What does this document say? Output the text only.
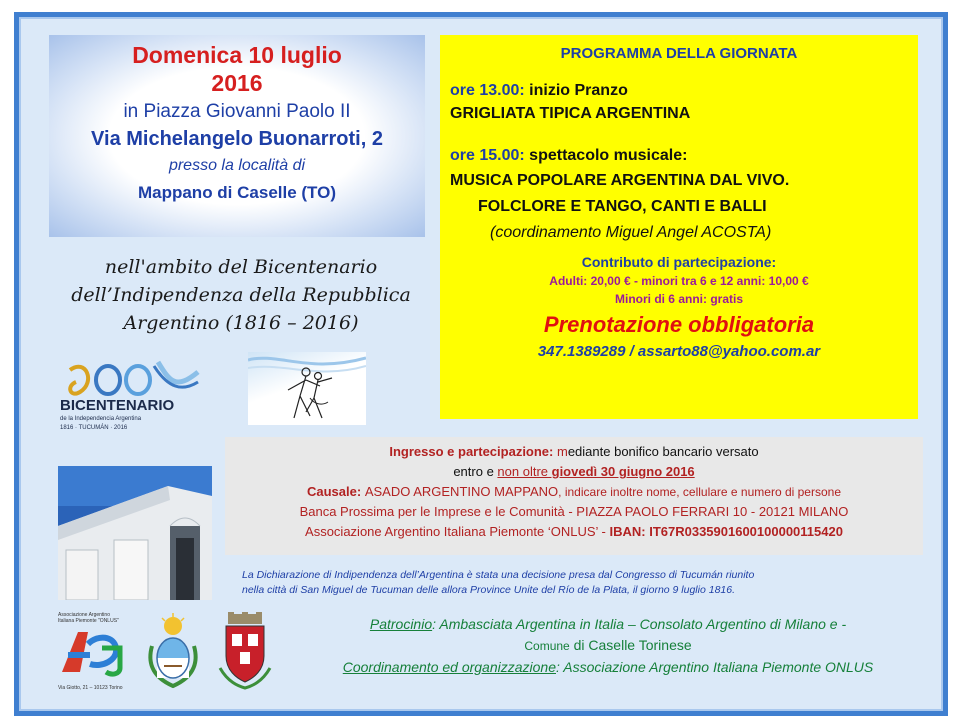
Domenica 10 luglio

2016

in Piazza Giovanni Paolo II

Via Michelangelo Buonarroti, 2

presso la località di

Mappano di Caselle (TO)

nell'ambito del Bicentenario
dell’Indipendenza della Repubblica
Argentino (1816 – 2016)
BICENTENARIO
de la Independencia Argentina
1816 · TUCUMÁN · 2016

PROGRAMMA DELLA GIORNATA

ore 13.00: inizio Pranzo

GRIGLIATA TIPICA ARGENTINA

ore 15.00: spettacolo musicale:

MUSICA POPOLARE ARGENTINA DAL VIVO.

FOLCLORE E TANGO, CANTI E BALLI

(coordinamento Miguel Angel ACOSTA)

Contributo di partecipazione:

Adulti: 20,00 € - minori tra 6 e 12 anni: 10,00 €

Minori di 6 anni: gratis

Prenotazione obbligatoria

347.1389289 / assarto88@yahoo.com.ar

Ingresso e partecipazione: mediante bonifico bancario versato

entro e non oltre giovedì 30 giugno 2016

Causale: ASADO ARGENTINO MAPPANO, indicare inoltre nome, cellulare e numero di persone

Banca Prossima per le Imprese e le Comunità - PIAZZA PAOLO FERRARI 10 - 20121 MILANO

Associazione Argentino Italiana Piemonte ‘ONLUS’ - IBAN: IT67R0335901600100000115420

La Dichiarazione di Indipendenza dell’Argentina è stata una decisione presa dal Congresso di Tucumán riunito
nella città di San Miguel de Tucuman delle allora Province Unite del Río de la Plata, il giorno 9 luglio 1816.
Associazione Argentino
Italiana Piemonte "ONLUS"
Via Giotto, 21 – 10123 Torino

Patrocinio: Ambasciata Argentina in Italia – Consolato Argentino di Milano e -

Comune di Caselle Torinese

Coordinamento ed organizzazione: Associazione Argentino Italiana Piemonte ONLUS
